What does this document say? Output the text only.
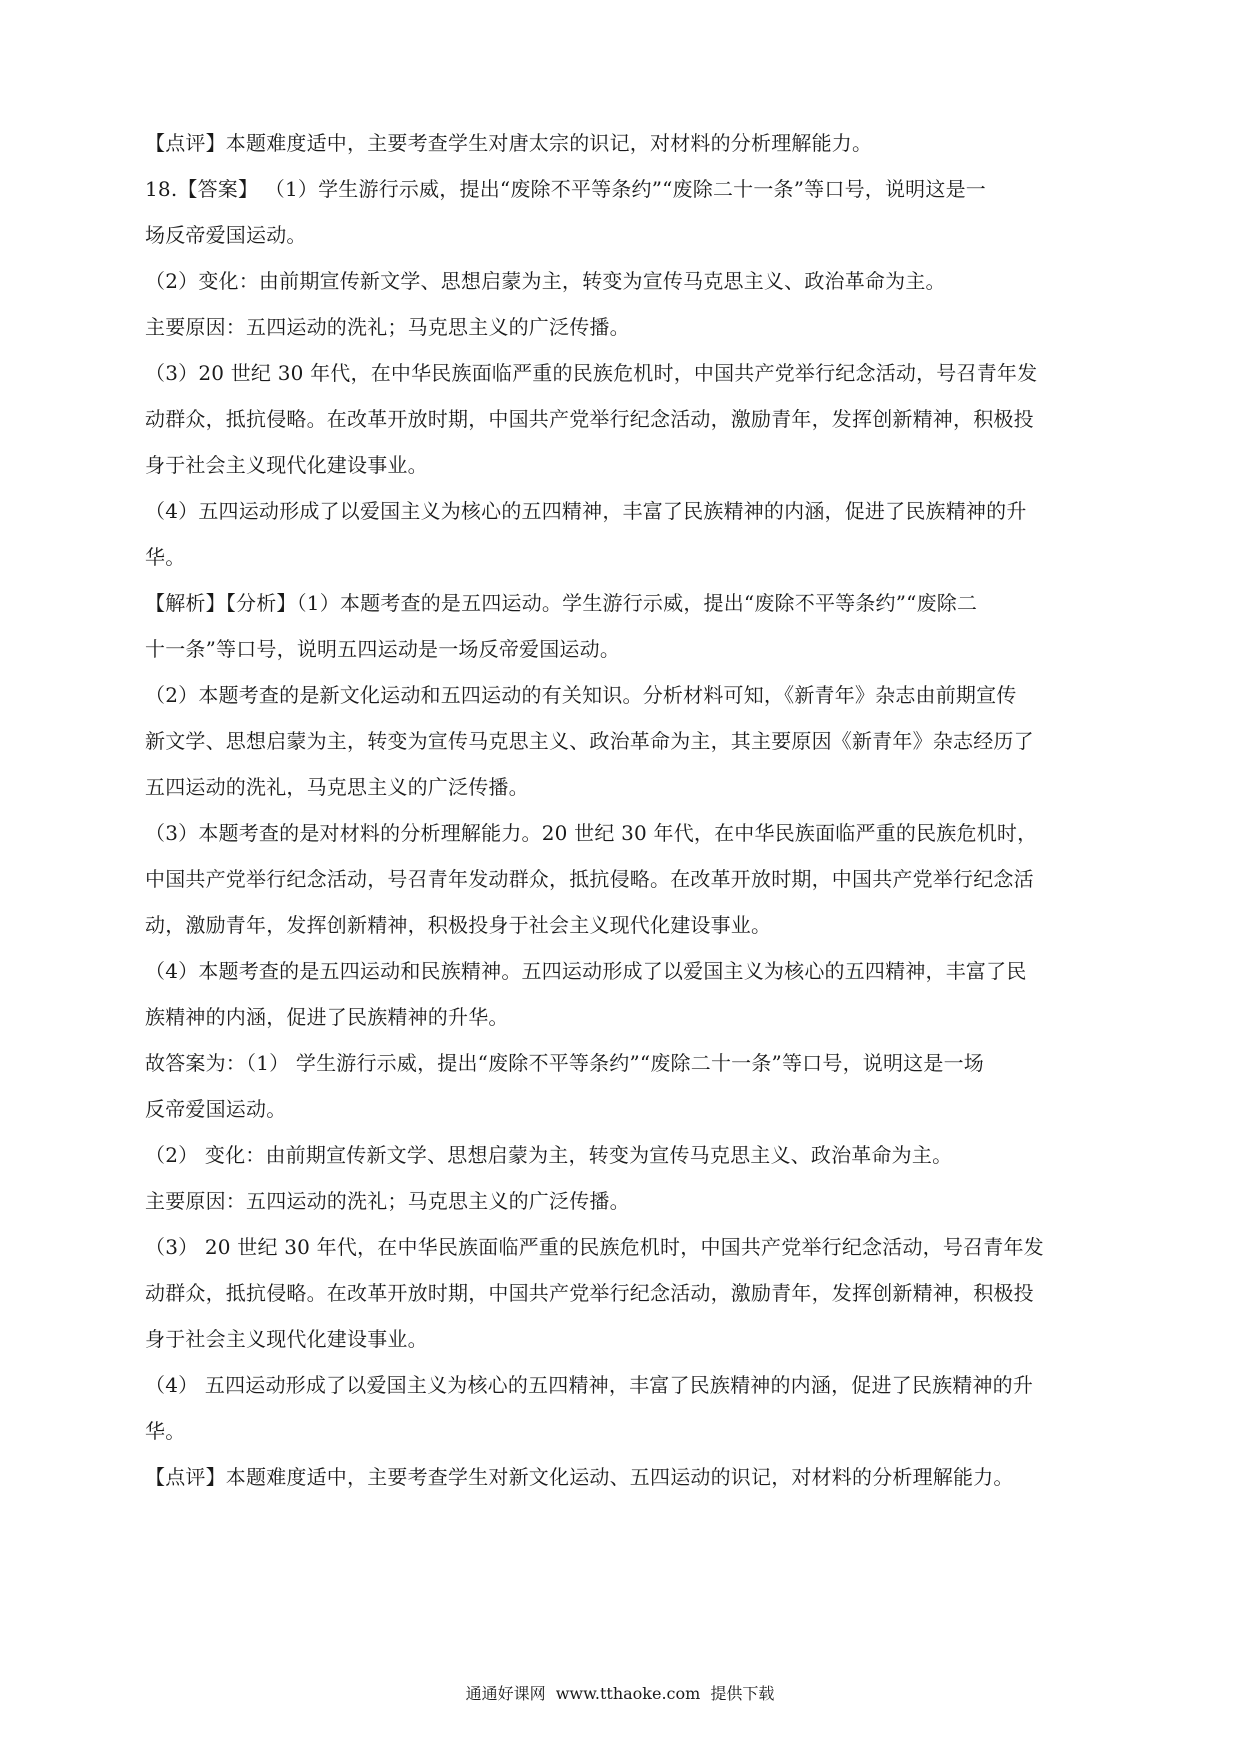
【点评】本题难度适中，主要考查学生对唐太宗的识记，对材料的分析理解能力。
18.【答案】 （1）学生游行示威，提出“废除不平等条约”“废除二十一条”等口号，说明这是一
场反帝爱国运动。
（2）变化：由前期宣传新文学、思想启蒙为主，转变为宣传马克思主义、政治革命为主。
主要原因：五四运动的洗礼；马克思主义的广泛传播。
（3）20 世纪 30 年代，在中华民族面临严重的民族危机时，中国共产党举行纪念活动，号召青年发
动群众，抵抗侵略。在改革开放时期，中国共产党举行纪念活动，激励青年，发挥创新精神，积极投
身于社会主义现代化建设事业。
（4）五四运动形成了以爱国主义为核心的五四精神，丰富了民族精神的内涵，促进了民族精神的升
华。
【解析】【分析】（1）本题考查的是五四运动。学生游行示威，提出“废除不平等条约”“废除二
十一条”等口号，说明五四运动是一场反帝爱国运动。
（2）本题考查的是新文化运动和五四运动的有关知识。分析材料可知，《新青年》杂志由前期宣传
新文学、思想启蒙为主，转变为宣传马克思主义、政治革命为主，其主要原因《新青年》杂志经历了
五四运动的洗礼，马克思主义的广泛传播。
（3）本题考查的是对材料的分析理解能力。20 世纪 30 年代，在中华民族面临严重的民族危机时，
中国共产党举行纪念活动，号召青年发动群众，抵抗侵略。在改革开放时期，中国共产党举行纪念活
动，激励青年，发挥创新精神，积极投身于社会主义现代化建设事业。
（4）本题考查的是五四运动和民族精神。五四运动形成了以爱国主义为核心的五四精神，丰富了民
族精神的内涵，促进了民族精神的升华。
故答案为：（1） 学生游行示威，提出“废除不平等条约”“废除二十一条”等口号，说明这是一场
反帝爱国运动。
（2） 变化：由前期宣传新文学、思想启蒙为主，转变为宣传马克思主义、政治革命为主。
主要原因：五四运动的洗礼；马克思主义的广泛传播。
（3） 20 世纪 30 年代，在中华民族面临严重的民族危机时，中国共产党举行纪念活动，号召青年发
动群众，抵抗侵略。在改革开放时期，中国共产党举行纪念活动，激励青年，发挥创新精神，积极投
身于社会主义现代化建设事业。
（4） 五四运动形成了以爱国主义为核心的五四精神，丰富了民族精神的内涵，促进了民族精神的升
华。
【点评】本题难度适中，主要考查学生对新文化运动、五四运动的识记，对材料的分析理解能力。
通通好课网 www.tthaoke.com 提供下载
